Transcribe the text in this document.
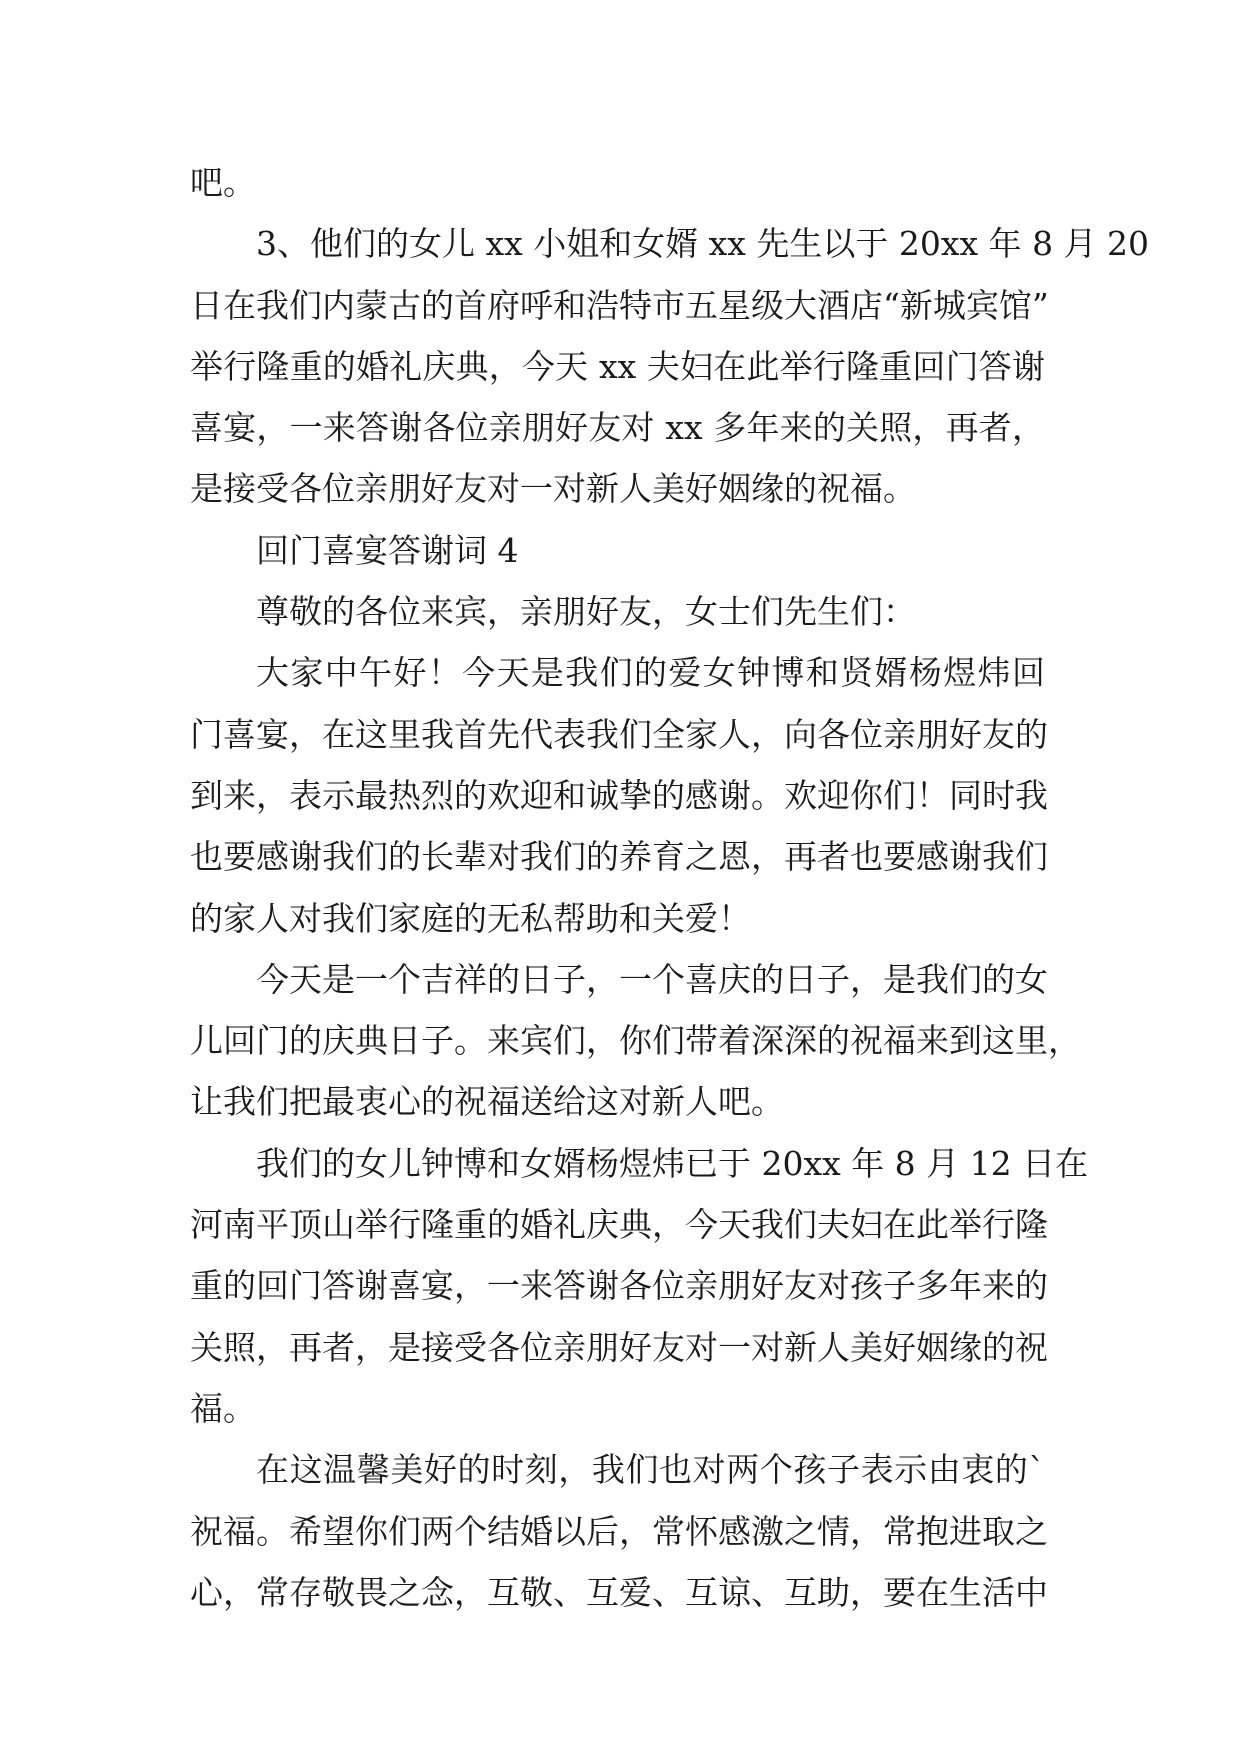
吧。
3、他们的女儿 xx 小姐和女婿 xx 先生以于 20xx 年 8 月 20
日在我们内蒙古的首府呼和浩特市五星级大酒店“新城宾馆”
举行隆重的婚礼庆典，今天 xx 夫妇在此举行隆重回门答谢
喜宴，一来答谢各位亲朋好友对 xx 多年来的关照，再者，
是接受各位亲朋好友对一对新人美好姻缘的祝福。
回门喜宴答谢词 4
尊敬的各位来宾，亲朋好友，女士们先生们：
大家中午好！今天是我们的爱女钟博和贤婿杨煜炜回
门喜宴，在这里我首先代表我们全家人，向各位亲朋好友的
到来，表示最热烈的欢迎和诚挚的感谢。欢迎你们！同时我
也要感谢我们的长辈对我们的养育之恩，再者也要感谢我们
的家人对我们家庭的无私帮助和关爱！
今天是一个吉祥的日子，一个喜庆的日子，是我们的女
儿回门的庆典日子。来宾们，你们带着深深的祝福来到这里，
让我们把最衷心的祝福送给这对新人吧。
我们的女儿钟博和女婿杨煜炜已于 20xx 年 8 月 12 日在
河南平顶山举行隆重的婚礼庆典，今天我们夫妇在此举行隆
重的回门答谢喜宴，一来答谢各位亲朋好友对孩子多年来的
关照，再者，是接受各位亲朋好友对一对新人美好姻缘的祝
福。
在这温馨美好的时刻，我们也对两个孩子表示由衷的`
祝福。希望你们两个结婚以后，常怀感激之情，常抱进取之
心，常存敬畏之念，互敬、互爱、互谅、互助，要在生活中
